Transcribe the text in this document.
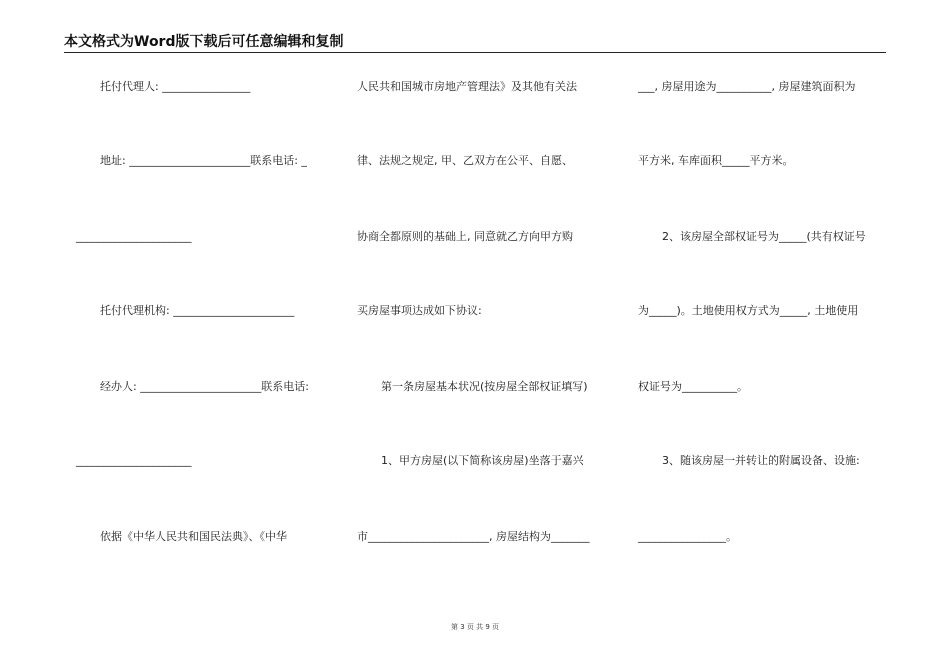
本文格式为Word版下载后可任意编辑和复制
托付代理人: ________________
地址: ______________________联系电话: _
_____________________
托付代理机构: ______________________
经办人: ______________________联系电话:
_____________________
依据《中华人民共和国民法典》、《中华
人民共和国城市房地产管理法》及其他有关法
律、法规之规定, 甲、乙双方在公平、自愿、
协商全都原则的基础上, 同意就乙方向甲方购
买房屋事项达成如下协议:
第一条房屋基本状况(按房屋全部权证填写)
1、甲方房屋(以下简称该房屋)坐落于嘉兴
市______________________, 房屋结构为_______
___, 房屋用途为__________, 房屋建筑面积为
平方米, 车库面积_____平方米。
2、该房屋全部权证号为_____(共有权证号
为_____)。土地使用权方式为_____, 土地使用
权证号为__________。
3、随该房屋一并转让的附属设备、设施:
________________。
第 3 页 共 9 页
